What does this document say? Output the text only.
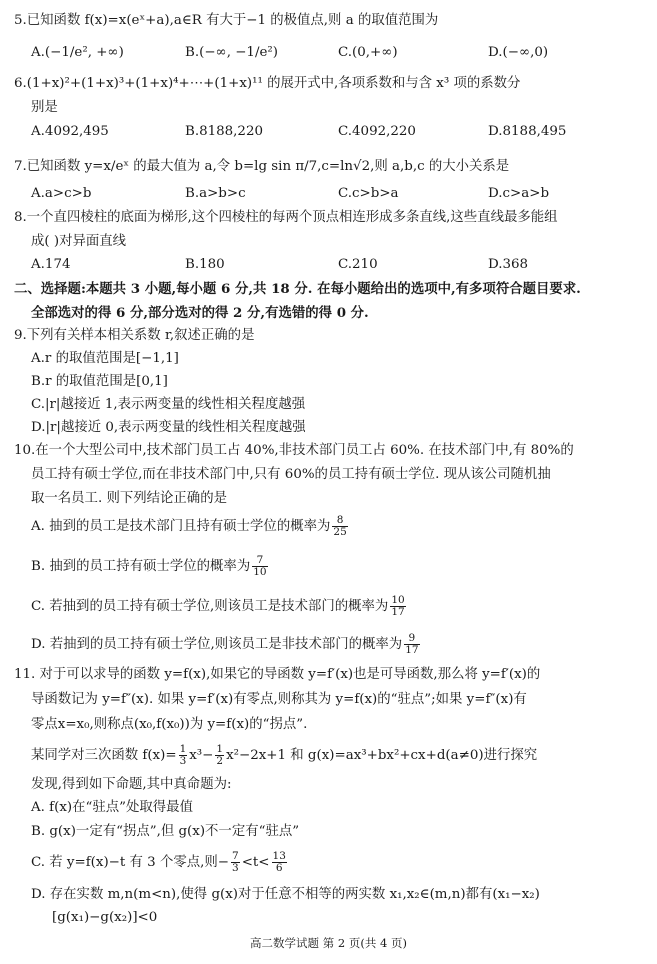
5.已知函数 f(x)=x(eˣ+a),a∈R 有大于−1 的极值点,则 a 的取值范围为
A.(−1/e², +∞)	B.(−∞, −1/e²)	C.(0,+∞)	D.(−∞,0)
6.(1+x)²+(1+x)³+(1+x)⁴+⋯+(1+x)¹¹ 的展开式中,各项系数和与含 x³ 项的系数分
别是
A.4092,495	B.8188,220	C.4092,220	D.8188,495
7.已知函数 y=x/eˣ 的最大值为 a,令 b=lg sin π/7,c=ln√2,则 a,b,c 的大小关系是
A.a>c>b	B.a>b>c	C.c>b>a	D.c>a>b
8.一个直四棱柱的底面为梯形,这个四棱柱的每两个顶点相连形成多条直线,这些直线最多能组
成( )对异面直线
A.174	B.180	C.210	D.368
二、选择题:本题共 3 小题,每小题 6 分,共 18 分. 在每小题给出的选项中,有多项符合题目要求.
全部选对的得 6 分,部分选对的得 2 分,有选错的得 0 分.
9.下列有关样本相关系数 r,叙述正确的是
A.r 的取值范围是[−1,1]
B.r 的取值范围是[0,1]
C.|r|越接近 1,表示两变量的线性相关程度越强
D.|r|越接近 0,表示两变量的线性相关程度越强
10.在一个大型公司中,技术部门员工占 40%,非技术部门员工占 60%. 在技术部门中,有 80%的
员工持有硕士学位,而在非技术部门中,只有 60%的员工持有硕士学位. 现从该公司随机抽
取一名员工. 则下列结论正确的是
A. 抽到的员工是技术部门且持有硕士学位的概率为 $\frac{8}{25}$
B. 抽到的员工持有硕士学位的概率为 $\frac{7}{10}$
C. 若抽到的员工持有硕士学位,则该员工是技术部门的概率为 $\frac{10}{17}$
D. 若抽到的员工持有硕士学位,则该员工是非技术部门的概率为 $\frac{9}{17}$
11. 对于可以求导的函数 y=f(x),如果它的导函数 y=f′(x)也是可导函数,那么将 y=f′(x)的
导函数记为 y=f″(x). 如果 y=f′(x)有零点,则称其为 y=f(x)的“驻点”;如果 y=f″(x)有
零点x=x₀,则称点(x₀,f(x₀))为 y=f(x)的“拐点”.
某同学对三次函数 $f(x)= \frac{1}{3} x^3- \frac{1}{2} x^2-2x+1$ 和 g(x)=ax³+bx²+cx+d(a≠0)进行探究
发现,得到如下命题,其中真命题为:
A. f(x)在“驻点”处取得最值
B. g(x)一定有“拐点”,但 g(x)不一定有“驻点”
C. 若 y=f(x)−t 有 3 个零点,则− $\frac{7}{3} <t< \frac{13}{6}$
D. 存在实数 m,n(m<n),使得 g(x)对于任意不相等的两实数 x₁,x₂∈(m,n)都有(x₁−x₂)
[g(x₁)−g(x₂)]<0
高二数学试题 第 2 页(共 4 页)
